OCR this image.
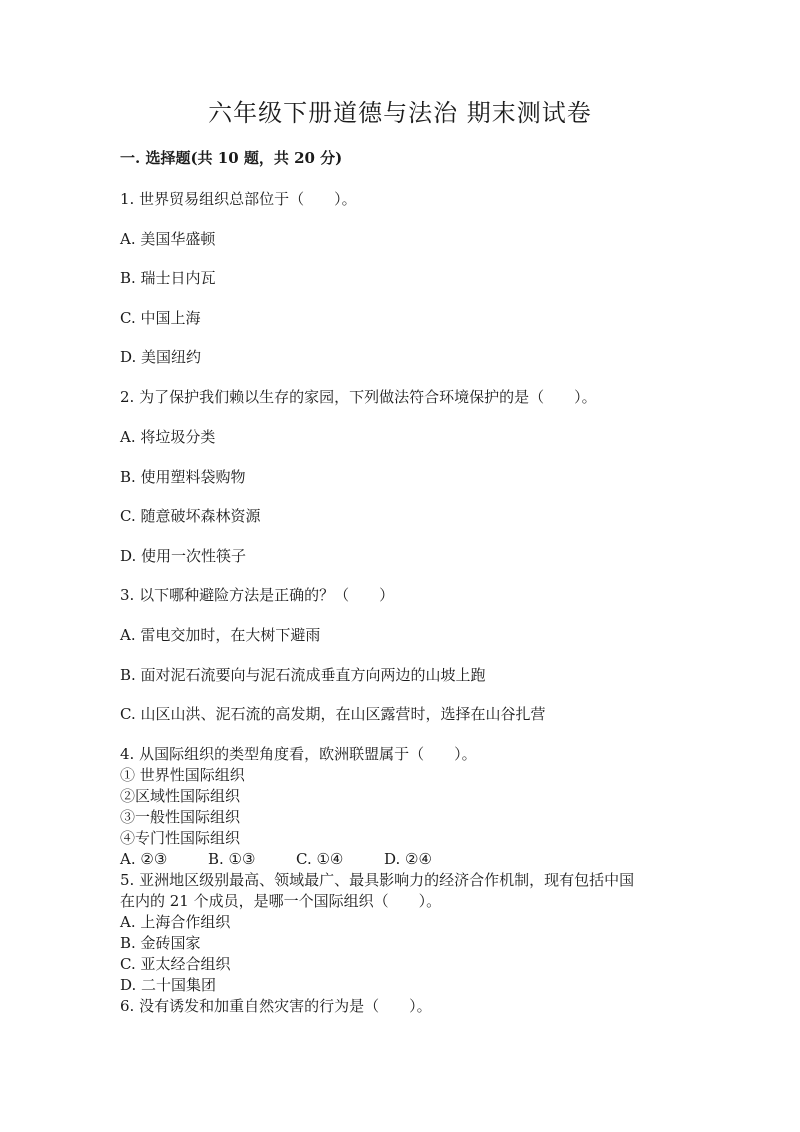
六年级下册道德与法治 期末测试卷
一. 选择题(共 10 题，共 20 分)
1. 世界贸易组织总部位于（　　）。
A. 美国华盛顿
B. 瑞士日内瓦
C. 中国上海
D. 美国纽约
2. 为了保护我们赖以生存的家园，下列做法符合环境保护的是（　　）。
A. 将垃圾分类
B. 使用塑料袋购物
C. 随意破坏森林资源
D. 使用一次性筷子
3. 以下哪种避险方法是正确的？（　　）
A. 雷电交加时，在大树下避雨
B. 面对泥石流要向与泥石流成垂直方向两边的山坡上跑
C. 山区山洪、泥石流的高发期，在山区露营时，选择在山谷扎营
4. 从国际组织的类型角度看，欧洲联盟属于（　　）。
① 世界性国际组织
②区域性国际组织
③一般性国际组织
④专门性国际组织
A. ②③	B. ①③	C. ①④	D. ②④
5. 亚洲地区级别最高、领域最广、最具影响力的经济合作机制，现有包括中国
在内的 21 个成员，是哪一个国际组织（　　）。
A. 上海合作组织
B. 金砖国家
C. 亚太经合组织
D. 二十国集团
6. 没有诱发和加重自然灾害的行为是（　　）。
